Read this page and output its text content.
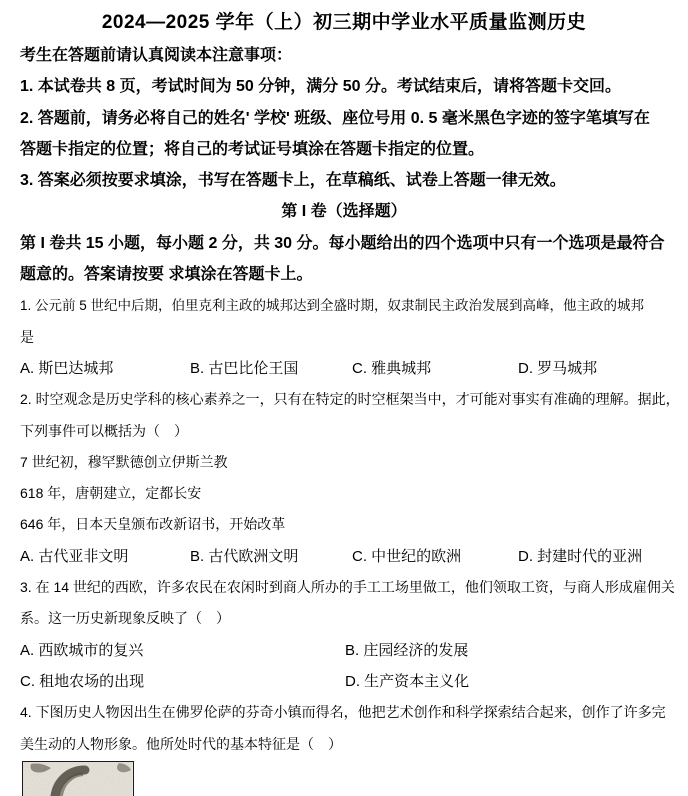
2024—2025 学年（上）初三期中学业水平质量监测历史
考生在答题前请认真阅读本注意事项：
1. 本试卷共 8 页，考试时间为 50 分钟，满分 50 分。考试结束后，请将答题卡交回。
2. 答题前，请务必将自己的姓名' 学校' 班级、座位号用 0. 5 毫米黑色字迹的签字笔填写在
答题卡指定的位置；将自己的考试证号填涂在答题卡指定的位置。
3. 答案必须按要求填涂，书写在答题卡上，在草稿纸、试卷上答题一律无效。
第 I 卷（选择题）
第 I 卷共 15 小题，每小题 2 分，共 30 分。每小题给出的四个选项中只有一个选项是最符合
题意的。答案请按要 求填涂在答题卡上。
1. 公元前 5 世纪中后期，伯里克利主政的城邦达到全盛时期，奴隶制民主政治发展到高峰，他主政的城邦
是
A. 斯巴达城邦	B. 古巴比伦王国	C. 雅典城邦	D. 罗马城邦
2. 时空观念是历史学科的核心素养之一，只有在特定的时空框架当中，才可能对事实有准确的理解。据此，
下列事件可以概括为（　）
7 世纪初，穆罕默德创立伊斯兰教
618 年，唐朝建立，定都长安
646 年，日本天皇颁布改新诏书，开始改革
A. 古代亚非文明	B. 古代欧洲文明	C. 中世纪的欧洲	D. 封建时代的亚洲
3. 在 14 世纪的西欧，许多农民在农闲时到商人所办的手工工场里做工，他们领取工资，与商人形成雇佣关
系。这一历史新现象反映了（　）
A. 西欧城市的复兴	B. 庄园经济的发展
C. 租地农场的出现	D. 生产资本主义化
4. 下图历史人物因出生在佛罗伦萨的芬奇小镇而得名，他把艺术创作和科学探索结合起来，创作了许多完
美生动的人物形象。他所处时代的基本特征是（　）
